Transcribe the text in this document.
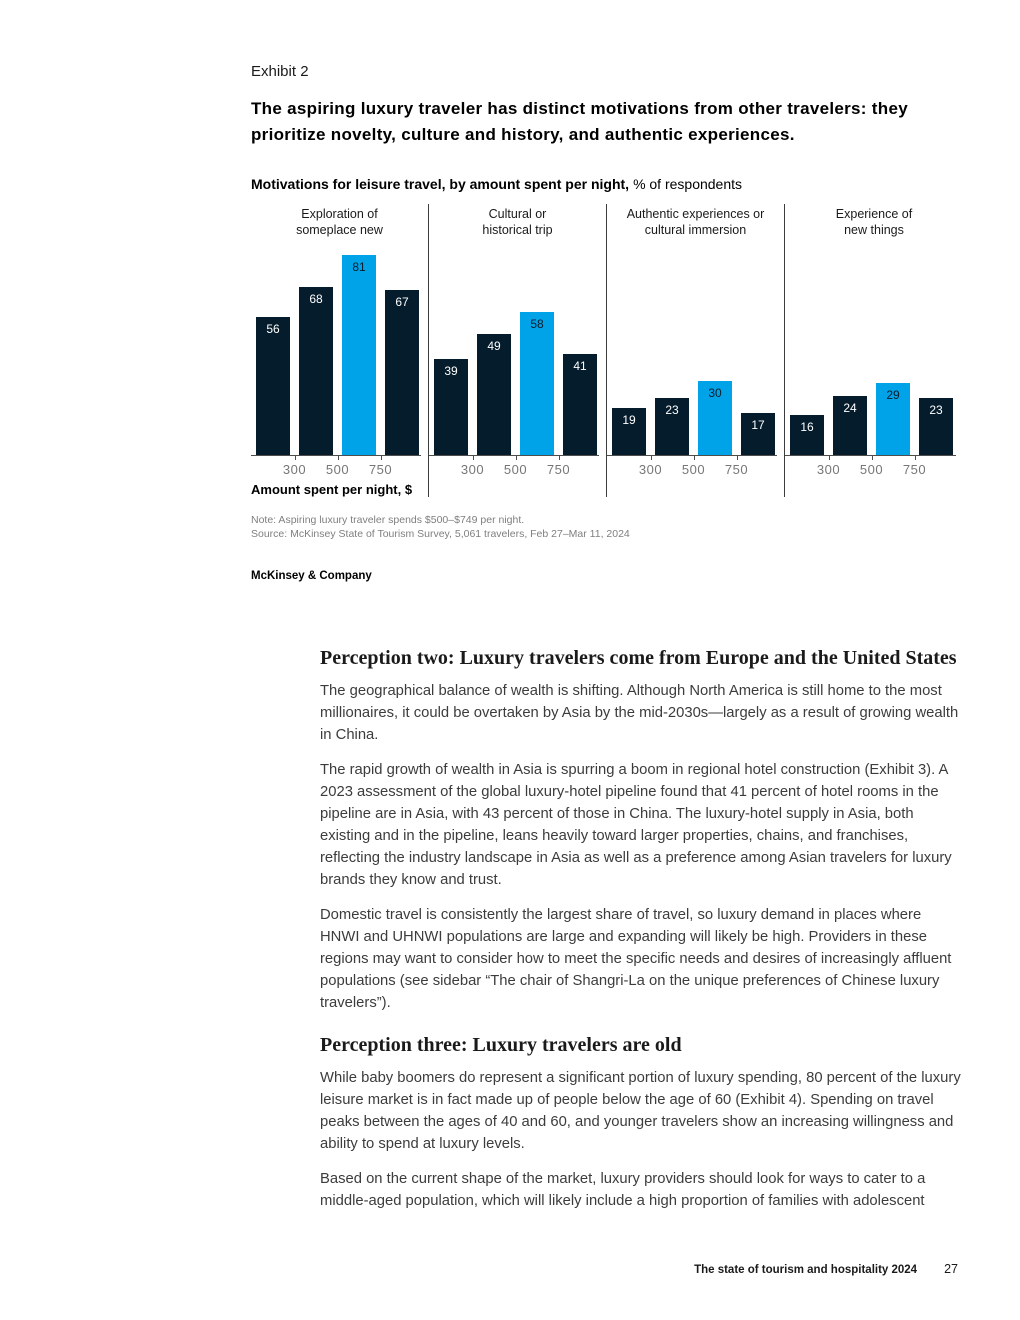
Exhibit 2
The aspiring luxury traveler has distinct motivations from other travelers: they prioritize novelty, culture and history, and authentic experiences.
Motivations for leisure travel, by amount spent per night, % of respondents
Exploration of
someplace new
56
68
81
67
300 500 750
Amount spent per night, $
Cultural or
historical trip
39
49
58
41
300 500 750
Authentic experiences or
cultural immersion
19
23
30
17
300 500 750
Experience of
new things
16
24
29
23
300 500 750
Note: Aspiring luxury traveler spends $500–$749 per night.
Source: McKinsey State of Tourism Survey, 5,061 travelers, Feb 27–Mar 11, 2024
McKinsey & Company
Perception two: Luxury travelers come from Europe and the United States

The geographical balance of wealth is shifting. Although North America is still home to the most millionaires, it could be overtaken by Asia by the mid-2030s—largely as a result of growing wealth in China.

The rapid growth of wealth in Asia is spurring a boom in regional hotel construction (Exhibit 3). A 2023 assessment of the global luxury-hotel pipeline found that 41 percent of hotel rooms in the pipeline are in Asia, with 43 percent of those in China. The luxury-hotel supply in Asia, both existing and in the pipeline, leans heavily toward larger properties, chains, and franchises, reflecting the industry landscape in Asia as well as a preference among Asian travelers for luxury brands they know and trust.

Domestic travel is consistently the largest share of travel, so luxury demand in places where HNWI and UHNWI populations are large and expanding will likely be high. Providers in these regions may want to consider how to meet the specific needs and desires of increasingly affluent populations (see sidebar “The chair of Shangri-La on the unique preferences of Chinese luxury travelers”).

Perception three: Luxury travelers are old

While baby boomers do represent a significant portion of luxury spending, 80 percent of the luxury leisure market is in fact made up of people below the age of 60 (Exhibit 4). Spending on travel peaks between the ages of 40 and 60, and younger travelers show an increasing willingness and ability to spend at luxury levels.

Based on the current shape of the market, luxury providers should look for ways to cater to a middle-aged population, which will likely include a high proportion of families with adolescent

The state of tourism and hospitality 2024 27
